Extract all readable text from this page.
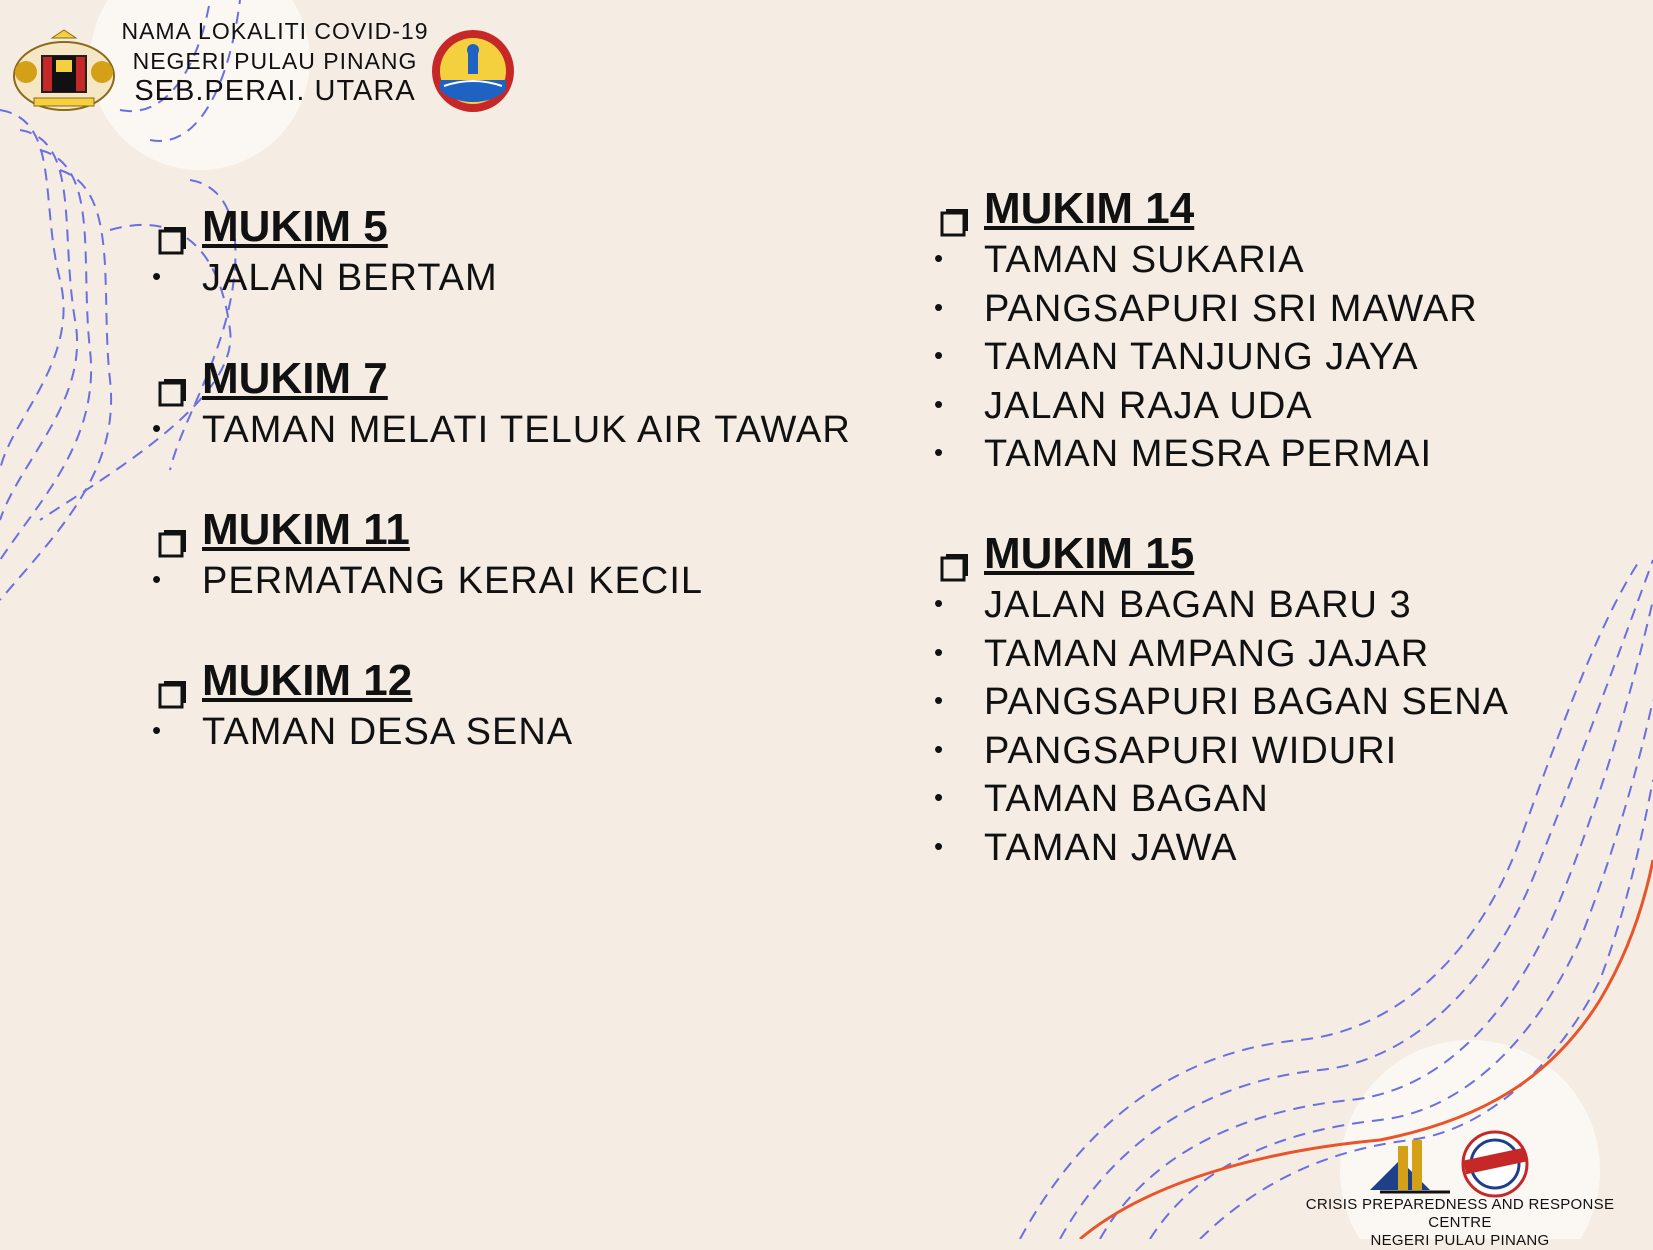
NAMA LOKALITI COVID-19
NEGERI PULAU PINANG
SEB.PERAI. UTARA
MUKIM 5
• JALAN BERTAM
MUKIM 7
• TAMAN MELATI TELUK AIR TAWAR
MUKIM 11
• PERMATANG KERAI KECIL
MUKIM 12
• TAMAN DESA SENA
MUKIM 14
• TAMAN SUKARIA
• PANGSAPURI SRI MAWAR
• TAMAN TANJUNG JAYA
• JALAN RAJA UDA
• TAMAN MESRA PERMAI
MUKIM 15
• JALAN BAGAN BARU 3
• TAMAN AMPANG JAJAR
• PANGSAPURI BAGAN SENA
• PANGSAPURI WIDURI
• TAMAN BAGAN
• TAMAN JAWA
CRISIS PREPAREDNESS AND RESPONSE CENTRE
NEGERI PULAU PINANG
